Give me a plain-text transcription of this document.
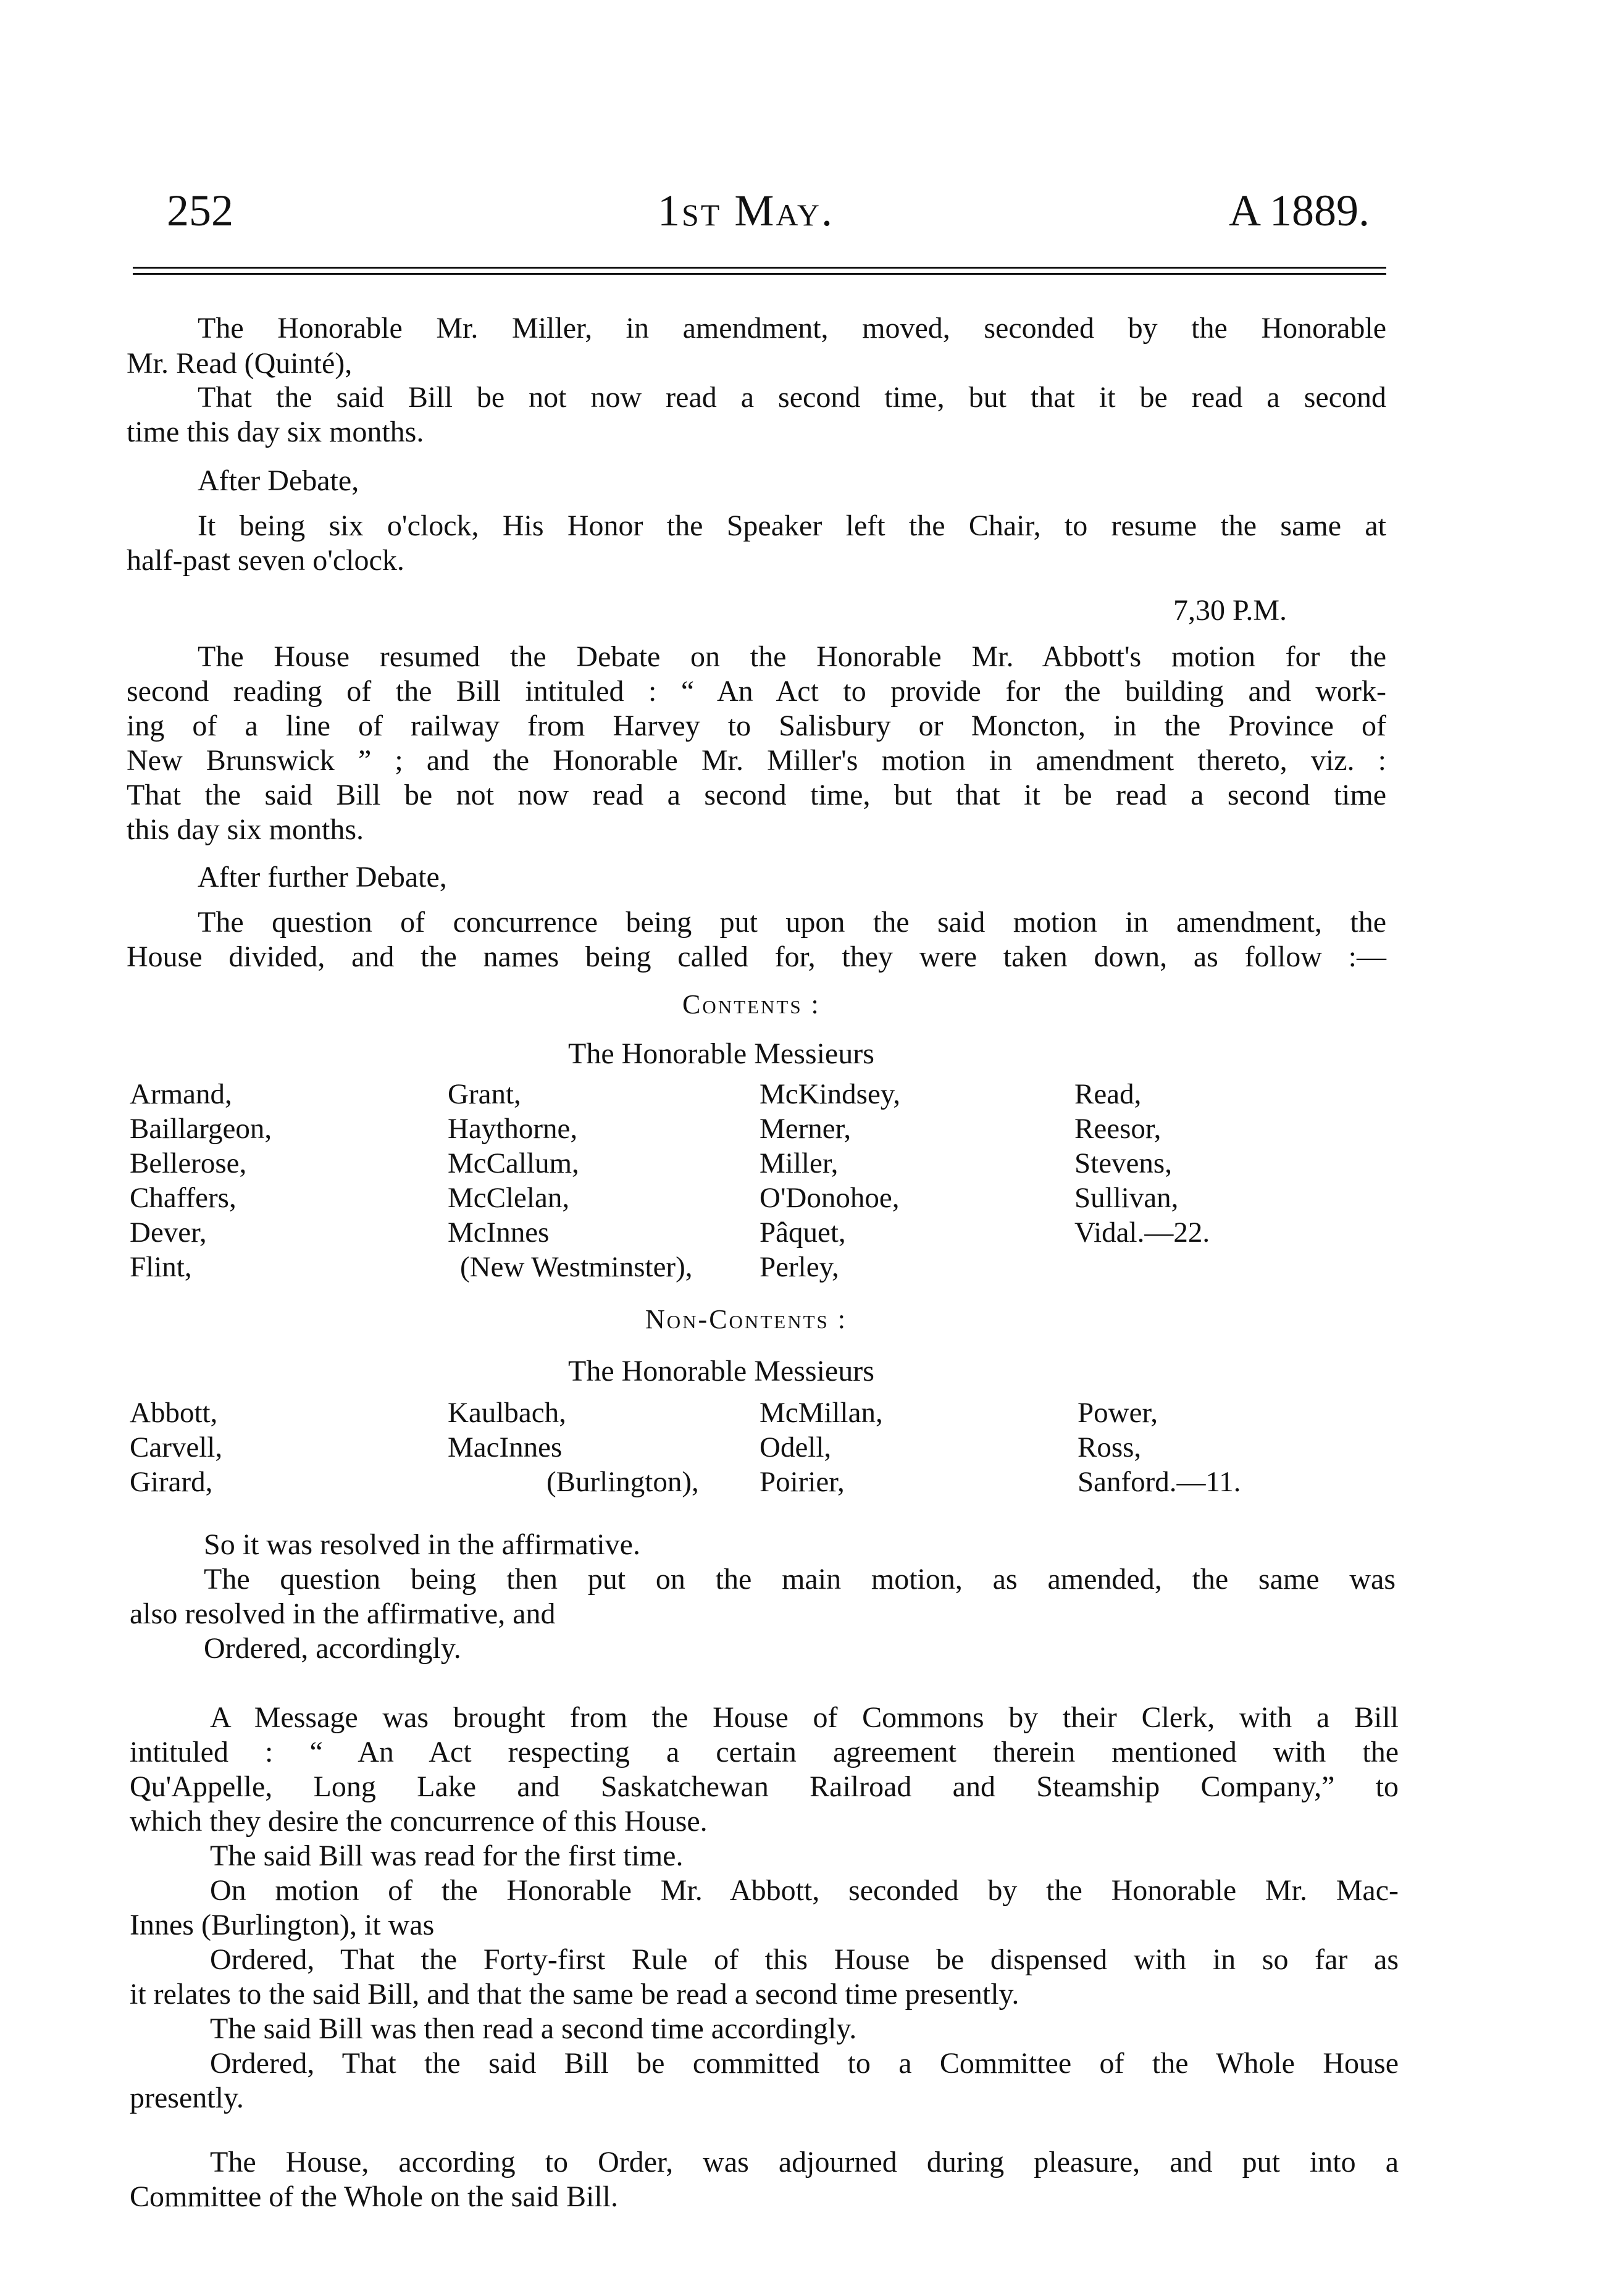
252	1st May.	A 1889.
The Honorable Mr. Miller, in amendment, moved, seconded by the Honorable
Mr. Read (Quinté),
That the said Bill be not now read a second time, but that it be read a second
time this day six months.
After Debate,
It being six o'clock, His Honor the Speaker left the Chair, to resume the same at
half-past seven o'clock.
7,30 P.M.
The House resumed the Debate on the Honorable Mr. Abbott's motion for the
second reading of the Bill intituled : “ An Act to provide for the building and work-
ing of a line of railway from Harvey to Salisbury or Moncton, in the Province of
New Brunswick ” ; and the Honorable Mr. Miller's motion in amendment thereto, viz. :
That the said Bill be not now read a second time, but that it be read a second time
this day six months.
After further Debate,
The question of concurrence being put upon the said motion in amendment, the
House divided, and the names being called for, they were taken down, as follow :—
Contents :
The Honorable Messieurs
Armand,
Baillargeon,
Bellerose,
Chaffers,
Dever,
Flint,
Grant,
Haythorne,
McCallum,
McClelan,
McInnes
(New Westminster),
McKindsey,
Merner,
Miller,
O'Donohoe,
Pâquet,
Perley,
Read,
Reesor,
Stevens,
Sullivan,
Vidal.—22.
Non-Contents :
The Honorable Messieurs
Abbott,
Carvell,
Girard,
Kaulbach,
MacInnes
(Burlington),
McMillan,
Odell,
Poirier,
Power,
Ross,
Sanford.—11.
So it was resolved in the affirmative.
The question being then put on the main motion, as amended, the same was
also resolved in the affirmative, and
Ordered, accordingly.
A Message was brought from the House of Commons by their Clerk, with a Bill
intituled : “ An Act respecting a certain agreement therein mentioned with the
Qu'Appelle, Long Lake and Saskatchewan Railroad and Steamship Company,” to
which they desire the concurrence of this House.
The said Bill was read for the first time.
On motion of the Honorable Mr. Abbott, seconded by the Honorable Mr. Mac-
Innes (Burlington), it was
Ordered, That the Forty-first Rule of this House be dispensed with in so far as
it relates to the said Bill, and that the same be read a second time presently.
The said Bill was then read a second time accordingly.
Ordered, That the said Bill be committed to a Committee of the Whole House
presently.
The House, according to Order, was adjourned during pleasure, and put into a
Committee of the Whole on the said Bill.
